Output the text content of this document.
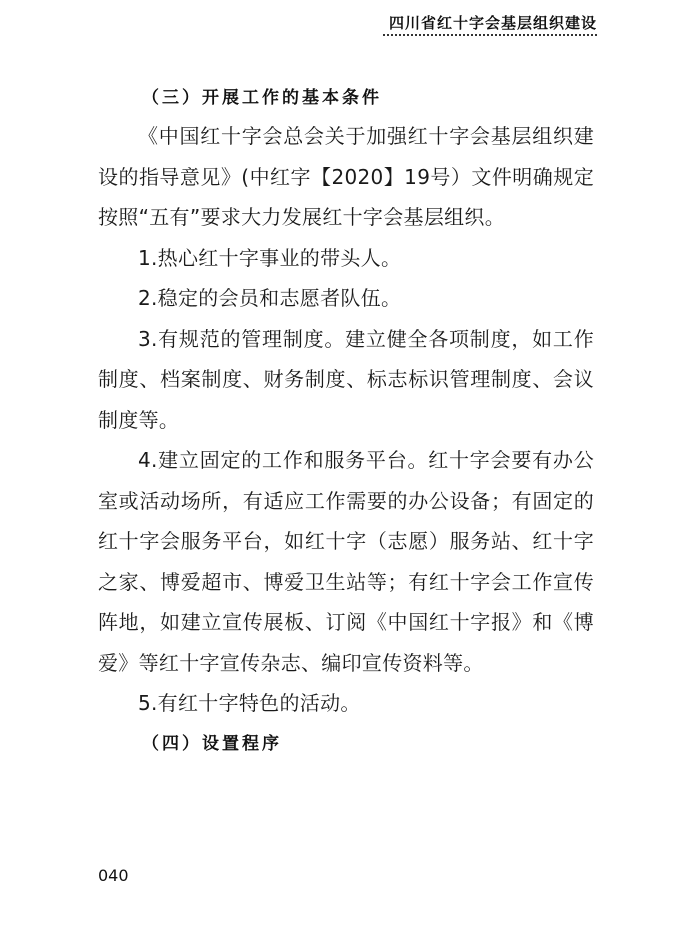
四川省红十字会基层组织建设
（三）开展工作的基本条件

《中国红十字会总会关于加强红十字会基层组织建设的指导意见》(中红字【2020】19号）文件明确规定按照“五有”要求大力发展红十字会基层组织。

1.热心红十字事业的带头人。

2.稳定的会员和志愿者队伍。

3.有规范的管理制度。建立健全各项制度，如工作制度、档案制度、财务制度、标志标识管理制度、会议制度等。

4.建立固定的工作和服务平台。红十字会要有办公室或活动场所，有适应工作需要的办公设备；有固定的红十字会服务平台，如红十字（志愿）服务站、红十字之家、博爱超市、博爱卫生站等；有红十字会工作宣传阵地，如建立宣传展板、订阅《中国红十字报》和《博爱》等红十字宣传杂志、编印宣传资料等。

5.有红十字特色的活动。

（四）设置程序
040
